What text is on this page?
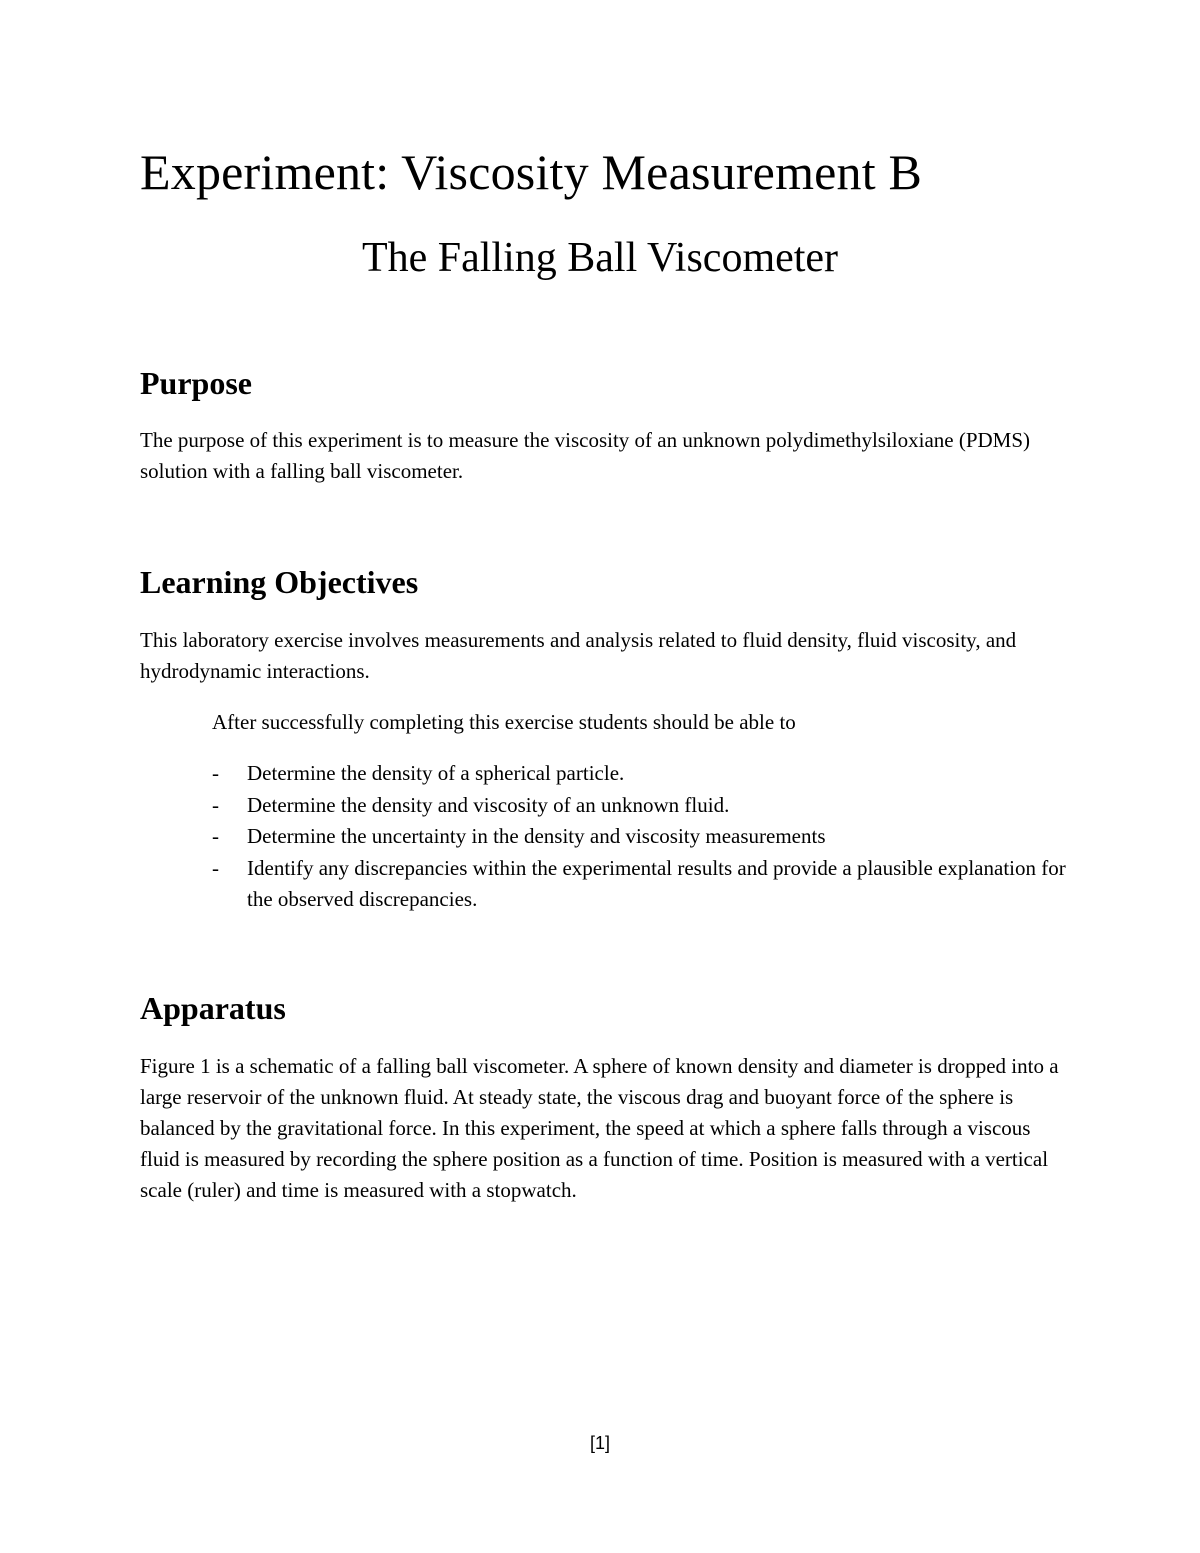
Experiment: Viscosity Measurement B
The Falling Ball Viscometer
Purpose

The purpose of this experiment is to measure the viscosity of an unknown polydimethylsiloxiane (PDMS) solution with a falling ball viscometer.

Learning Objectives

This laboratory exercise involves measurements and analysis related to fluid density, fluid viscosity, and hydrodynamic interactions.

After successfully completing this exercise students should be able to

- Determine the density of a spherical particle.
- Determine the density and viscosity of an unknown fluid.
- Determine the uncertainty in the density and viscosity measurements
- Identify any discrepancies within the experimental results and provide a plausible explanation for the observed discrepancies.
Apparatus

Figure 1 is a schematic of a falling ball viscometer. A sphere of known density and diameter is dropped into a large reservoir of the unknown fluid. At steady state, the viscous drag and buoyant force of the sphere is balanced by the gravitational force. In this experiment, the speed at which a sphere falls through a viscous fluid is measured by recording the sphere position as a function of time. Position is measured with a vertical scale (ruler) and time is measured with a stopwatch.

[1]
